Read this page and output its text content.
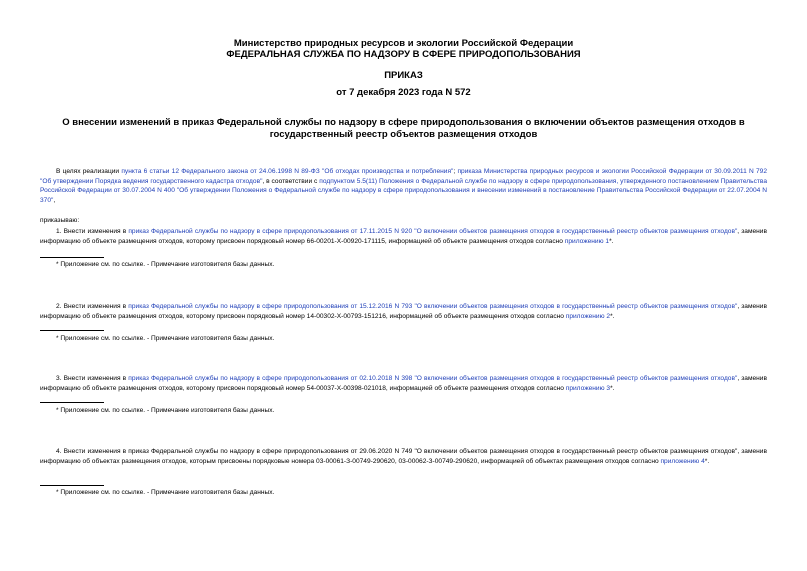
Министерство природных ресурсов и экологии Российской Федерации
ФЕДЕРАЛЬНАЯ СЛУЖБА ПО НАДЗОРУ В СФЕРЕ ПРИРОДОПОЛЬЗОВАНИЯ
ПРИКАЗ
от 7 декабря 2023 года N 572
О внесении изменений в приказ Федеральной службы по надзору в сфере природопользования о включении объектов размещения отходов в государственный реестр объектов размещения отходов
В целях реализации пункта 6 статьи 12 Федерального закона от 24.06.1998 N 89-ФЗ "Об отходах производства и потребления"; приказа Министерства природных ресурсов и экологии Российской Федерации от 30.09.2011 N 792 "Об утверждении Порядка ведения государственного кадастра отходов", в соответствии с подпунктом 5.5(11) Положения о Федеральной службе по надзору в сфере природопользования, утвержденного постановлением Правительства Российской Федерации от 30.07.2004 N 400 "Об утверждении Положения о Федеральной службе по надзору в сфере природопользования и внесении изменений в постановление Правительства Российской Федерации от 22.07.2004 N 370",
приказываю:
1. Внести изменения в приказ Федеральной службы по надзору в сфере природопользования от 17.11.2015 N 920 "О включении объектов размещения отходов в государственный реестр объектов размещения отходов", заменив информацию об объекте размещения отходов, которому присвоен порядковый номер 66-00201-Х-00920-171115, информацией об объекте размещения отходов согласно приложению 1*.
* Приложение см. по ссылке. - Примечание изготовителя базы данных.
2. Внести изменения в приказ Федеральной службы по надзору в сфере природопользования от 15.12.2016 N 793 "О включении объектов размещения отходов в государственный реестр объектов размещения отходов", заменив информацию об объекте размещения отходов, которому присвоен порядковый номер 14-00302-Х-00793-151216, информацией об объекте размещения отходов согласно приложению 2*.
* Приложение см. по ссылке. - Примечание изготовителя базы данных.
3. Внести изменения в приказ Федеральной службы по надзору в сфере природопользования от 02.10.2018 N 398 "О включении объектов размещения отходов в государственный реестр объектов размещения отходов", заменив информацию об объекте размещения отходов, которому присвоен порядковый номер 54-00037-Х-00398-021018, информацией об объекте размещения отходов согласно приложению 3*.
* Приложение см. по ссылке. - Примечание изготовителя базы данных.
4. Внести изменения в приказ Федеральной службы по надзору в сфере природопользования от 29.06.2020 N 749 "О включении объектов размещения отходов в государственный реестр объектов размещения отходов", заменив информацию об объектах размещения отходов, которым присвоены порядковые номера 03-00061-З-00749-290620, 03-00062-З-00749-290620, информацией об объектах размещения отходов согласно приложению 4*.
* Приложение см. по ссылке. - Примечание изготовителя базы данных.
